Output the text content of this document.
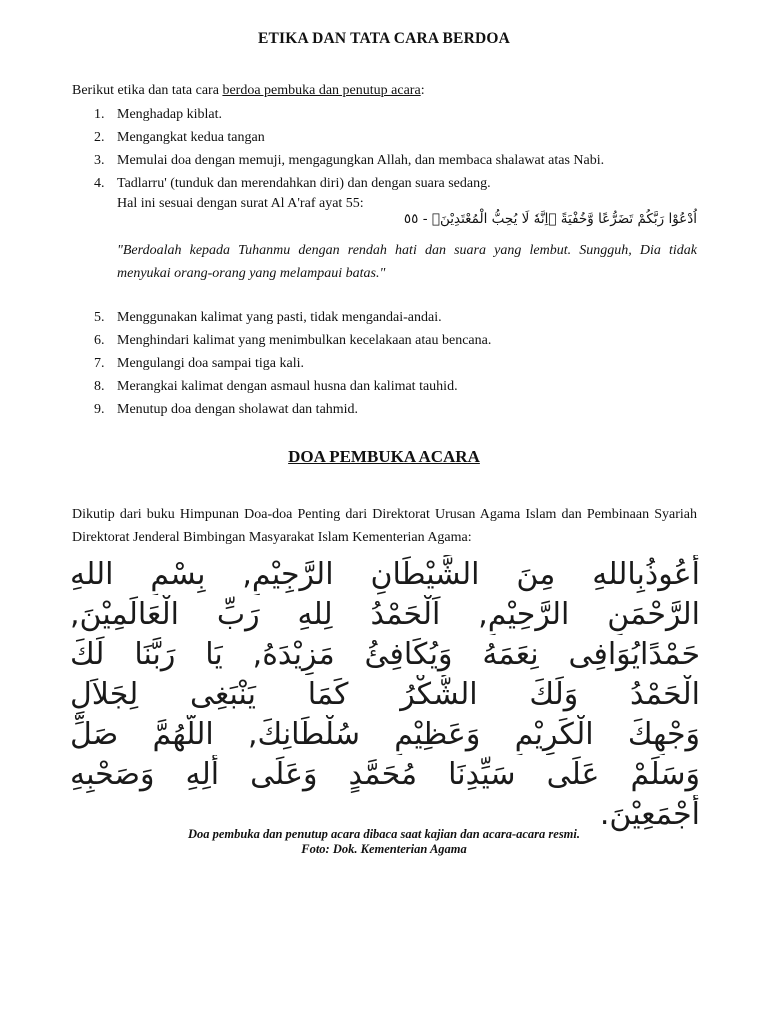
ETIKA DAN TATA CARA BERDOA
Berikut etika dan tata cara berdoa pembuka dan penutup acara:
1. Menghadap kiblat.
2. Mengangkat kedua tangan
3. Memulai doa dengan memuji, mengagungkan Allah, dan membaca shalawat atas Nabi.
4. Tadlarru' (tunduk dan merendahkan diri) dan dengan suara sedang.
Hal ini sesuai dengan surat Al A'raf ayat 55:
اُدْعُوْا رَبَّكُمْ تَضَرُّعًا وَّخُفْيَةً ۗاِنَّهٗ لَا يُحِبُّ الْمُعْتَدِيْنَۚ - ٥٥
"Berdoalah kepada Tuhanmu dengan rendah hati dan suara yang lembut. Sungguh, Dia tidak menyukai orang-orang yang melampaui batas."
5. Menggunakan kalimat yang pasti, tidak mengandai-andai.
6. Menghindari kalimat yang menimbulkan kecelakaan atau bencana.
7. Mengulangi doa sampai tiga kali.
8. Merangkai kalimat dengan asmaul husna dan kalimat tauhid.
9. Menutup doa dengan sholawat dan tahmid.
DOA PEMBUKA ACARA
Dikutip dari buku Himpunan Doa-doa Penting dari Direktorat Urusan Agama Islam dan Pembinaan Syariah Direktorat Jenderal Bimbingan Masyarakat Islam Kementerian Agama:
أَعُوذُبِاللهِ مِنَ الشَّيْطَانِ الرَّجِيْمِ, بِسْمِ اللهِ
الرَّحْمَنِ الرَّحِيْمِ, اَلْحَمْدُ لِلهِ رَبِّ الْعَالَمِيْنَ,
حَمْدًايُوَافِى نِعَمَهُ وَيُكَافِئُ مَزِيْدَهُ, يَا رَبَّنَا لَكَ
الْحَمْدُ وَلَكَ الشُّكْرُ كَمَا يَنْبَغِى لِجَلاَلِ
وَجْهِكَ الْكَرِيْمِ وَعَظِيْمِ سُلْطَانِكَ, اللَّهُمَّ صَلِّ
وَسَلِّمْ عَلَى سَيِّدِنَا مُحَمَّدٍ وَعَلَى أَلِهِ وَصَحْبِهِ
أَجْمَعِيْنَ.
Doa pembuka dan penutup acara dibaca saat kajian dan acara-acara resmi.
Foto: Dok. Kementerian Agama
